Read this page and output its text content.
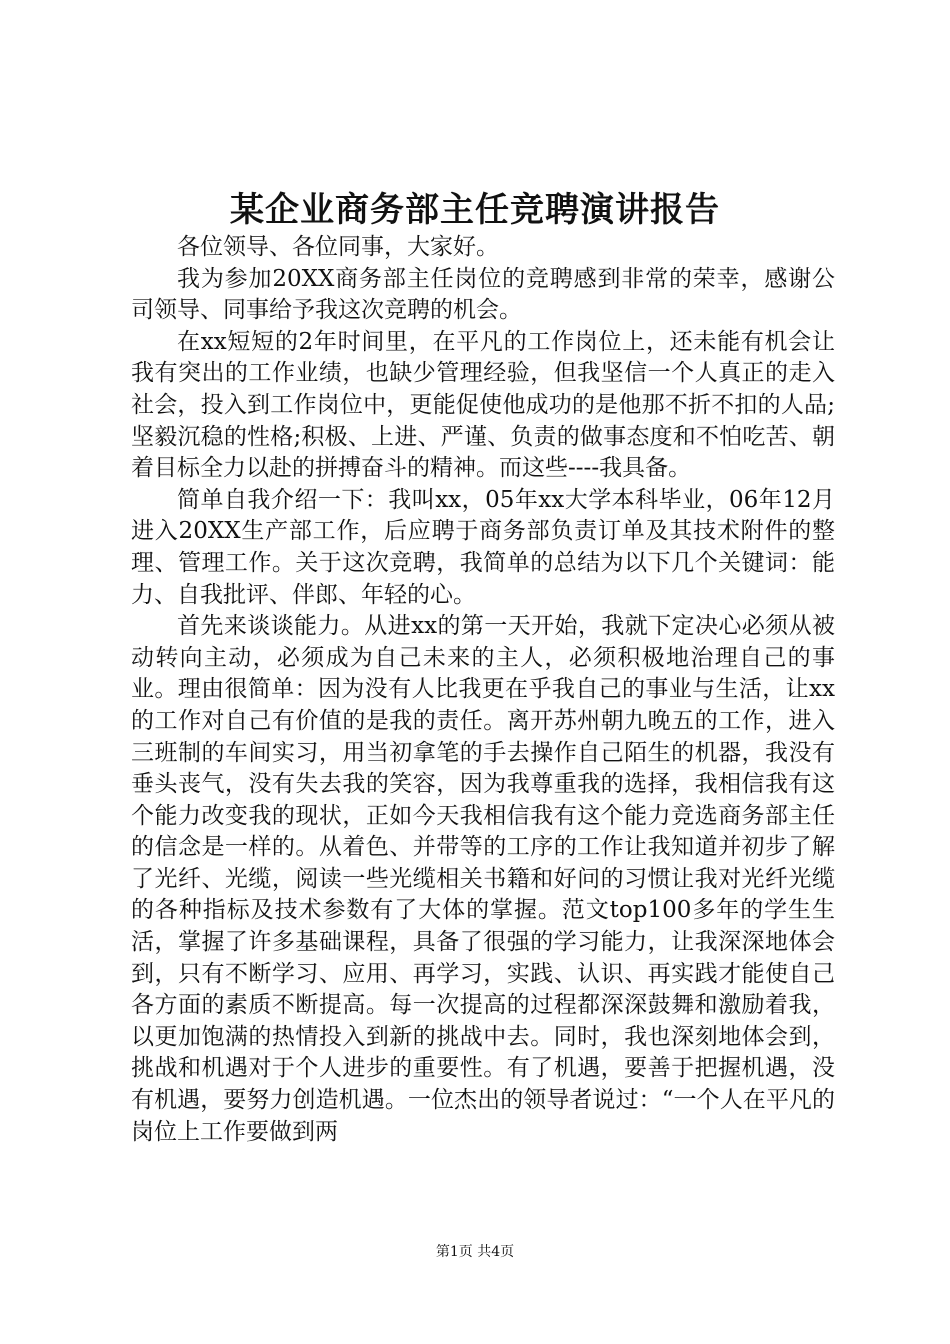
某企业商务部主任竞聘演讲报告

各位领导、各位同事，大家好。

我为参加20XX商务部主任岗位的竞聘感到非常的荣幸，感谢公司领导、同事给予我这次竞聘的机会。

在xx短短的2年时间里，在平凡的工作岗位上，还未能有机会让我有突出的工作业绩，也缺少管理经验，但我坚信一个人真正的走入社会，投入到工作岗位中，更能促使他成功的是他那不折不扣的人品;坚毅沉稳的性格;积极、上进、严谨、负责的做事态度和不怕吃苦、朝着目标全力以赴的拼搏奋斗的精神。而这些----我具备。

简单自我介绍一下：我叫xx，05年xx大学本科毕业，06年12月进入20XX生产部工作，后应聘于商务部负责订单及其技术附件的整理、管理工作。关于这次竞聘，我简单的总结为以下几个关键词：能力、自我批评、伴郎、年轻的心。

首先来谈谈能力。从进xx的第一天开始，我就下定决心必须从被动转向主动，必须成为自己未来的主人，必须积极地治理自己的事业。理由很简单：因为没有人比我更在乎我自己的事业与生活，让xx的工作对自己有价值的是我的责任。离开苏州朝九晚五的工作，进入三班制的车间实习，用当初拿笔的手去操作自己陌生的机器，我没有垂头丧气，没有失去我的笑容，因为我尊重我的选择，我相信我有这个能力改变我的现状，正如今天我相信我有这个能力竞选商务部主任的信念是一样的。从着色、并带等的工序的工作让我知道并初步了解了光纤、光缆，阅读一些光缆相关书籍和好问的习惯让我对光纤光缆的各种指标及技术参数有了大体的掌握。范文top100多年的学生生活，掌握了许多基础课程，具备了很强的学习能力，让我深深地体会到，只有不断学习、应用、再学习，实践、认识、再实践才能使自己各方面的素质不断提高。每一次提高的过程都深深鼓舞和激励着我，以更加饱满的热情投入到新的挑战中去。同时，我也深刻地体会到，挑战和机遇对于个人进步的重要性。有了机遇，要善于把握机遇，没有机遇，要努力创造机遇。一位杰出的领导者说过：“一个人在平凡的岗位上工作要做到两

第1页 共4页
